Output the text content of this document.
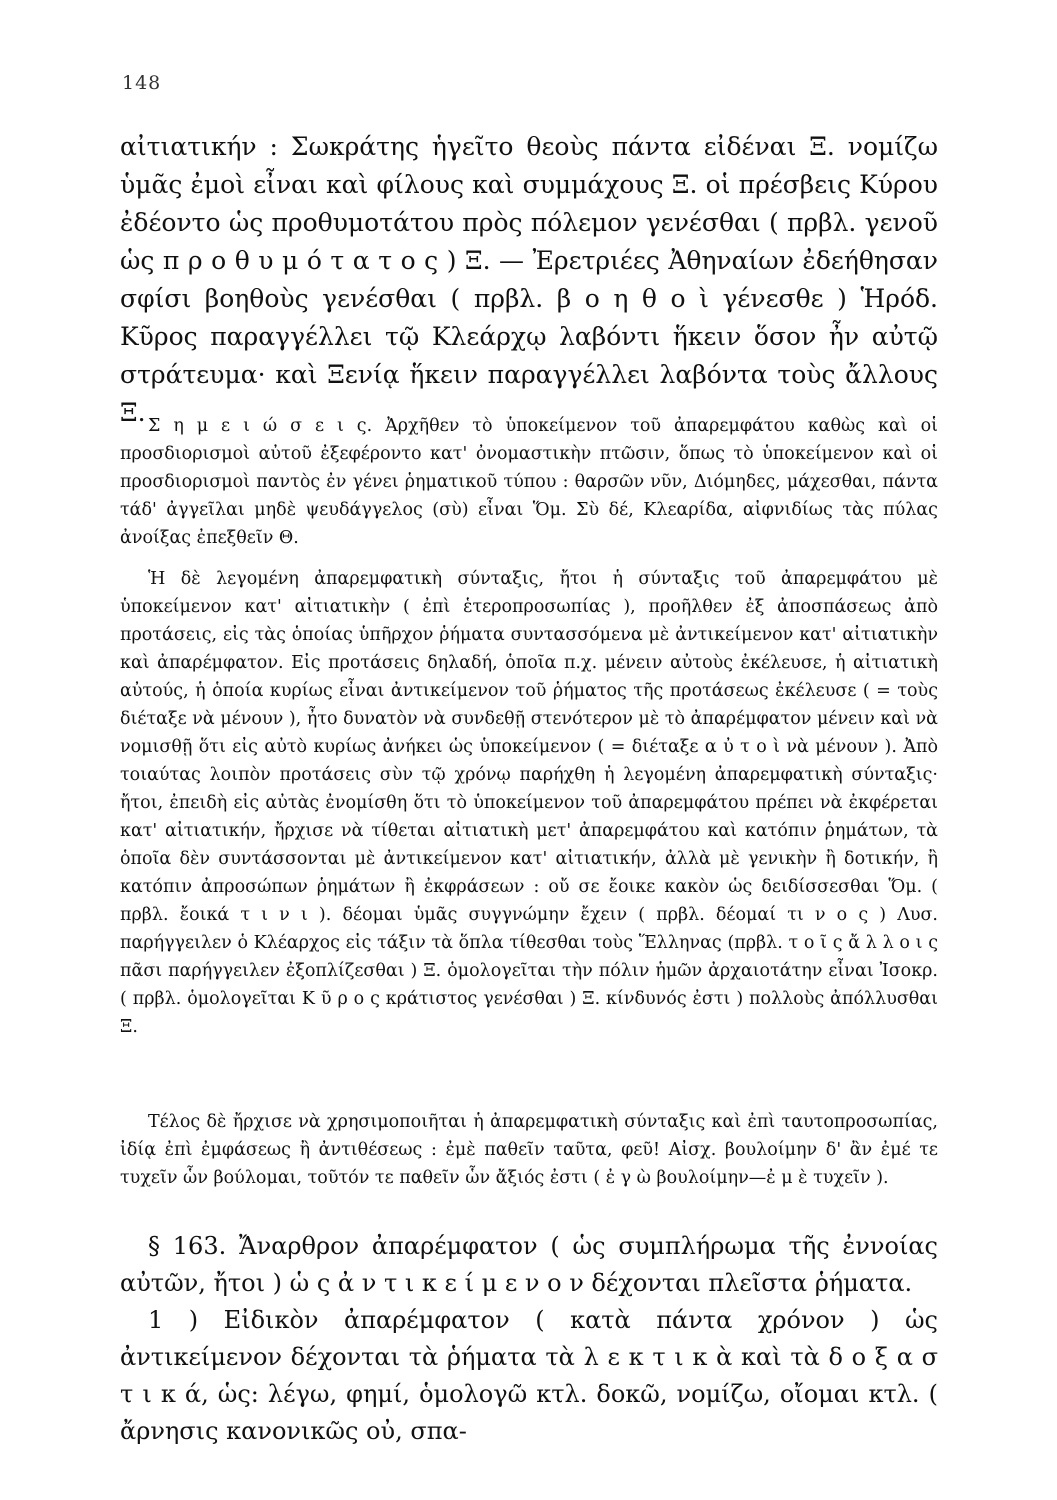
148

αἰτιατικήν : Σωκράτης ἡγεῖτο θεοὺς πάντα εἰδέναι Ξ. νομίζω ὑμᾶς ἐμοὶ εἶναι καὶ φίλους καὶ συμμάχους Ξ. οἱ πρέσβεις Κύρου ἐδέοντο ὡς προθυμοτάτου πρὸς πόλεμον γενέσθαι ( πρβλ. γενοῦ ὡς π ρ ο θ υ μ ό τ α τ ο ς ) Ξ. — Ἐρετριέες Ἀθηναίων ἐδεήθησαν σφίσι βοηθοὺς γενέσθαι ( πρβλ. β ο η θ ο ὶ γένεσθε ) Ἡρόδ. Κῦρος παραγγέλλει τῷ Κλεάρχῳ λαβόντι ἥκειν ὅσον ἦν αὐτῷ στράτευμα· καὶ Ξενίᾳ ἥκειν παραγγέλλει λαβόντα τοὺς ἄλλους Ξ. Σ η μ ε ι ώ σ ε ι ς. Ἀρχῆθεν τὸ ὑποκείμενον τοῦ ἀπαρεμφάτου καθὼς καὶ οἱ προσδιορισμοὶ αὐτοῦ ἐξεφέροντο κατ' ὀνομαστικὴν πτῶσιν, ὅπως τὸ ὑποκείμενον καὶ οἱ προσδιορισμοὶ παντὸς ἐν γένει ῥηματικοῦ τύπου : θαρσῶν νῦν, Διόμηδες, μάχεσθαι, πάντα τάδ' ἀγγεῖλαι μηδὲ ψευδάγγελος (σὺ) εἶναι Ὅμ. Σὺ δέ, Κλεαρίδα, αἰφνιδίως τὰς πύλας ἀνοίξας ἐπεξθεῖν Θ.

Ἡ δὲ λεγομένη ἀπαρεμφατικὴ σύνταξις, ἤτοι ἡ σύνταξις τοῦ ἀπαρεμφάτου μὲ ὑποκείμενον κατ' αἰτιατικὴν ( ἐπὶ ἑτεροπροσωπίας ), προῆλθεν ἐξ ἀποσπάσεως ἀπὸ προτάσεις, εἰς τὰς ὁποίας ὑπῆρχον ῥήματα συντασσόμενα μὲ ἀντικείμενον κατ' αἰτιατικὴν καὶ ἀπαρέμφατον. Εἰς προτάσεις δηλαδή, ὁποῖα π.χ. μένειν αὐτοὺς ἐκέλευσε, ἡ αἰτιατικὴ αὐτούς, ἡ ὁποία κυρίως εἶναι ἀντικείμενον τοῦ ῥήματος τῆς προτάσεως ἐκέλευσε ( = τοὺς διέταξε νὰ μένουν ), ἦτο δυνατὸν νὰ συνδεθῇ στενότερον μὲ τὸ ἀπαρέμφατον μένειν καὶ νὰ νομισθῇ ὅτι εἰς αὐτὸ κυρίως ἀνήκει ὡς ὑποκείμενον ( = διέταξε α ὐ τ ο ὶ νὰ μένουν ). Ἀπὸ τοιαύτας λοιπὸν προτάσεις σὺν τῷ χρόνῳ παρήχθη ἡ λεγομένη ἀπαρεμφατικὴ σύνταξις· ἤτοι, ἐπειδὴ εἰς αὐτὰς ἐνομίσθη ὅτι τὸ ὑποκείμενον τοῦ ἀπαρεμφάτου πρέπει νὰ ἐκφέρεται κατ' αἰτιατικήν, ἤρχισε νὰ τίθεται αἰτιατικὴ μετ' ἀπαρεμφάτου καὶ κατόπιν ῥημάτων, τὰ ὁποῖα δὲν συντάσσονται μὲ ἀντικείμενον κατ' αἰτιατικήν, ἀλλὰ μὲ γενικὴν ἢ δοτικήν, ἢ κατόπιν ἀπροσώπων ῥημάτων ἢ ἐκφράσεων : οὔ σε ἔοικε κακὸν ὡς δειδίσσεσθαι Ὅμ. ( πρβλ. ἔοικά τ ι ν ι ). δέομαι ὑμᾶς συγγνώμην ἔχειν ( πρβλ. δέομαί τι ν ο ς ) Λυσ. παρήγγειλεν ὁ Κλέαρχος εἰς τάξιν τὰ ὅπλα τίθεσθαι τοὺς Ἕλληνας (πρβλ. τ ο ῖ ς ἄ λ λ ο ι ς πᾶσι παρήγγειλεν ἐξοπλίζεσθαι ) Ξ. ὁμολογεῖται τὴν πόλιν ἡμῶν ἀρχαιοτάτην εἶναι Ἰσοκρ. ( πρβλ. ὁμολογεῖται Κ ῦ ρ ο ς κράτιστος γενέσθαι ) Ξ. κίνδυνός ἐστι ) πολλοὺς ἀπόλλυσθαι Ξ.

Τέλος δὲ ἤρχισε νὰ χρησιμοποιῆται ἡ ἀπαρεμφατικὴ σύνταξις καὶ ἐπὶ ταυτοπροσωπίας, ἰδίᾳ ἐπὶ ἐμφάσεως ἢ ἀντιθέσεως : ἐμὲ παθεῖν ταῦτα, φεῦ! Αἰσχ. βουλοίμην δ' ἂν ἐμέ τε τυχεῖν ὧν βούλομαι, τοῦτόν τε παθεῖν ὧν ἄξιός ἐστι ( ἐ γ ὼ βουλοίμην—ἐ μ ὲ τυχεῖν ).

§ 163. Ἄναρθρον ἀπαρέμφατον ( ὡς συμπλήρωμα τῆς ἐννοίας αὐτῶν, ἤτοι ) ὡ ς ἀ ν τ ι κ ε ί μ ε ν ο ν δέχονται πλεῖστα ῥήματα.

1 ) Εἰδικὸν ἀπαρέμφατον ( κατὰ πάντα χρόνον ) ὡς ἀντικείμενον δέχονται τὰ ῥήματα τὰ λ ε κ τ ι κ ὰ καὶ τὰ δ ο ξ α σ τ ι κ ά, ὡς: λέγω, φημί, ὁμολογῶ κτλ. δοκῶ, νομίζω, οἴομαι κτλ. ( ἄρνησις κανονικῶς οὐ, σπα-
